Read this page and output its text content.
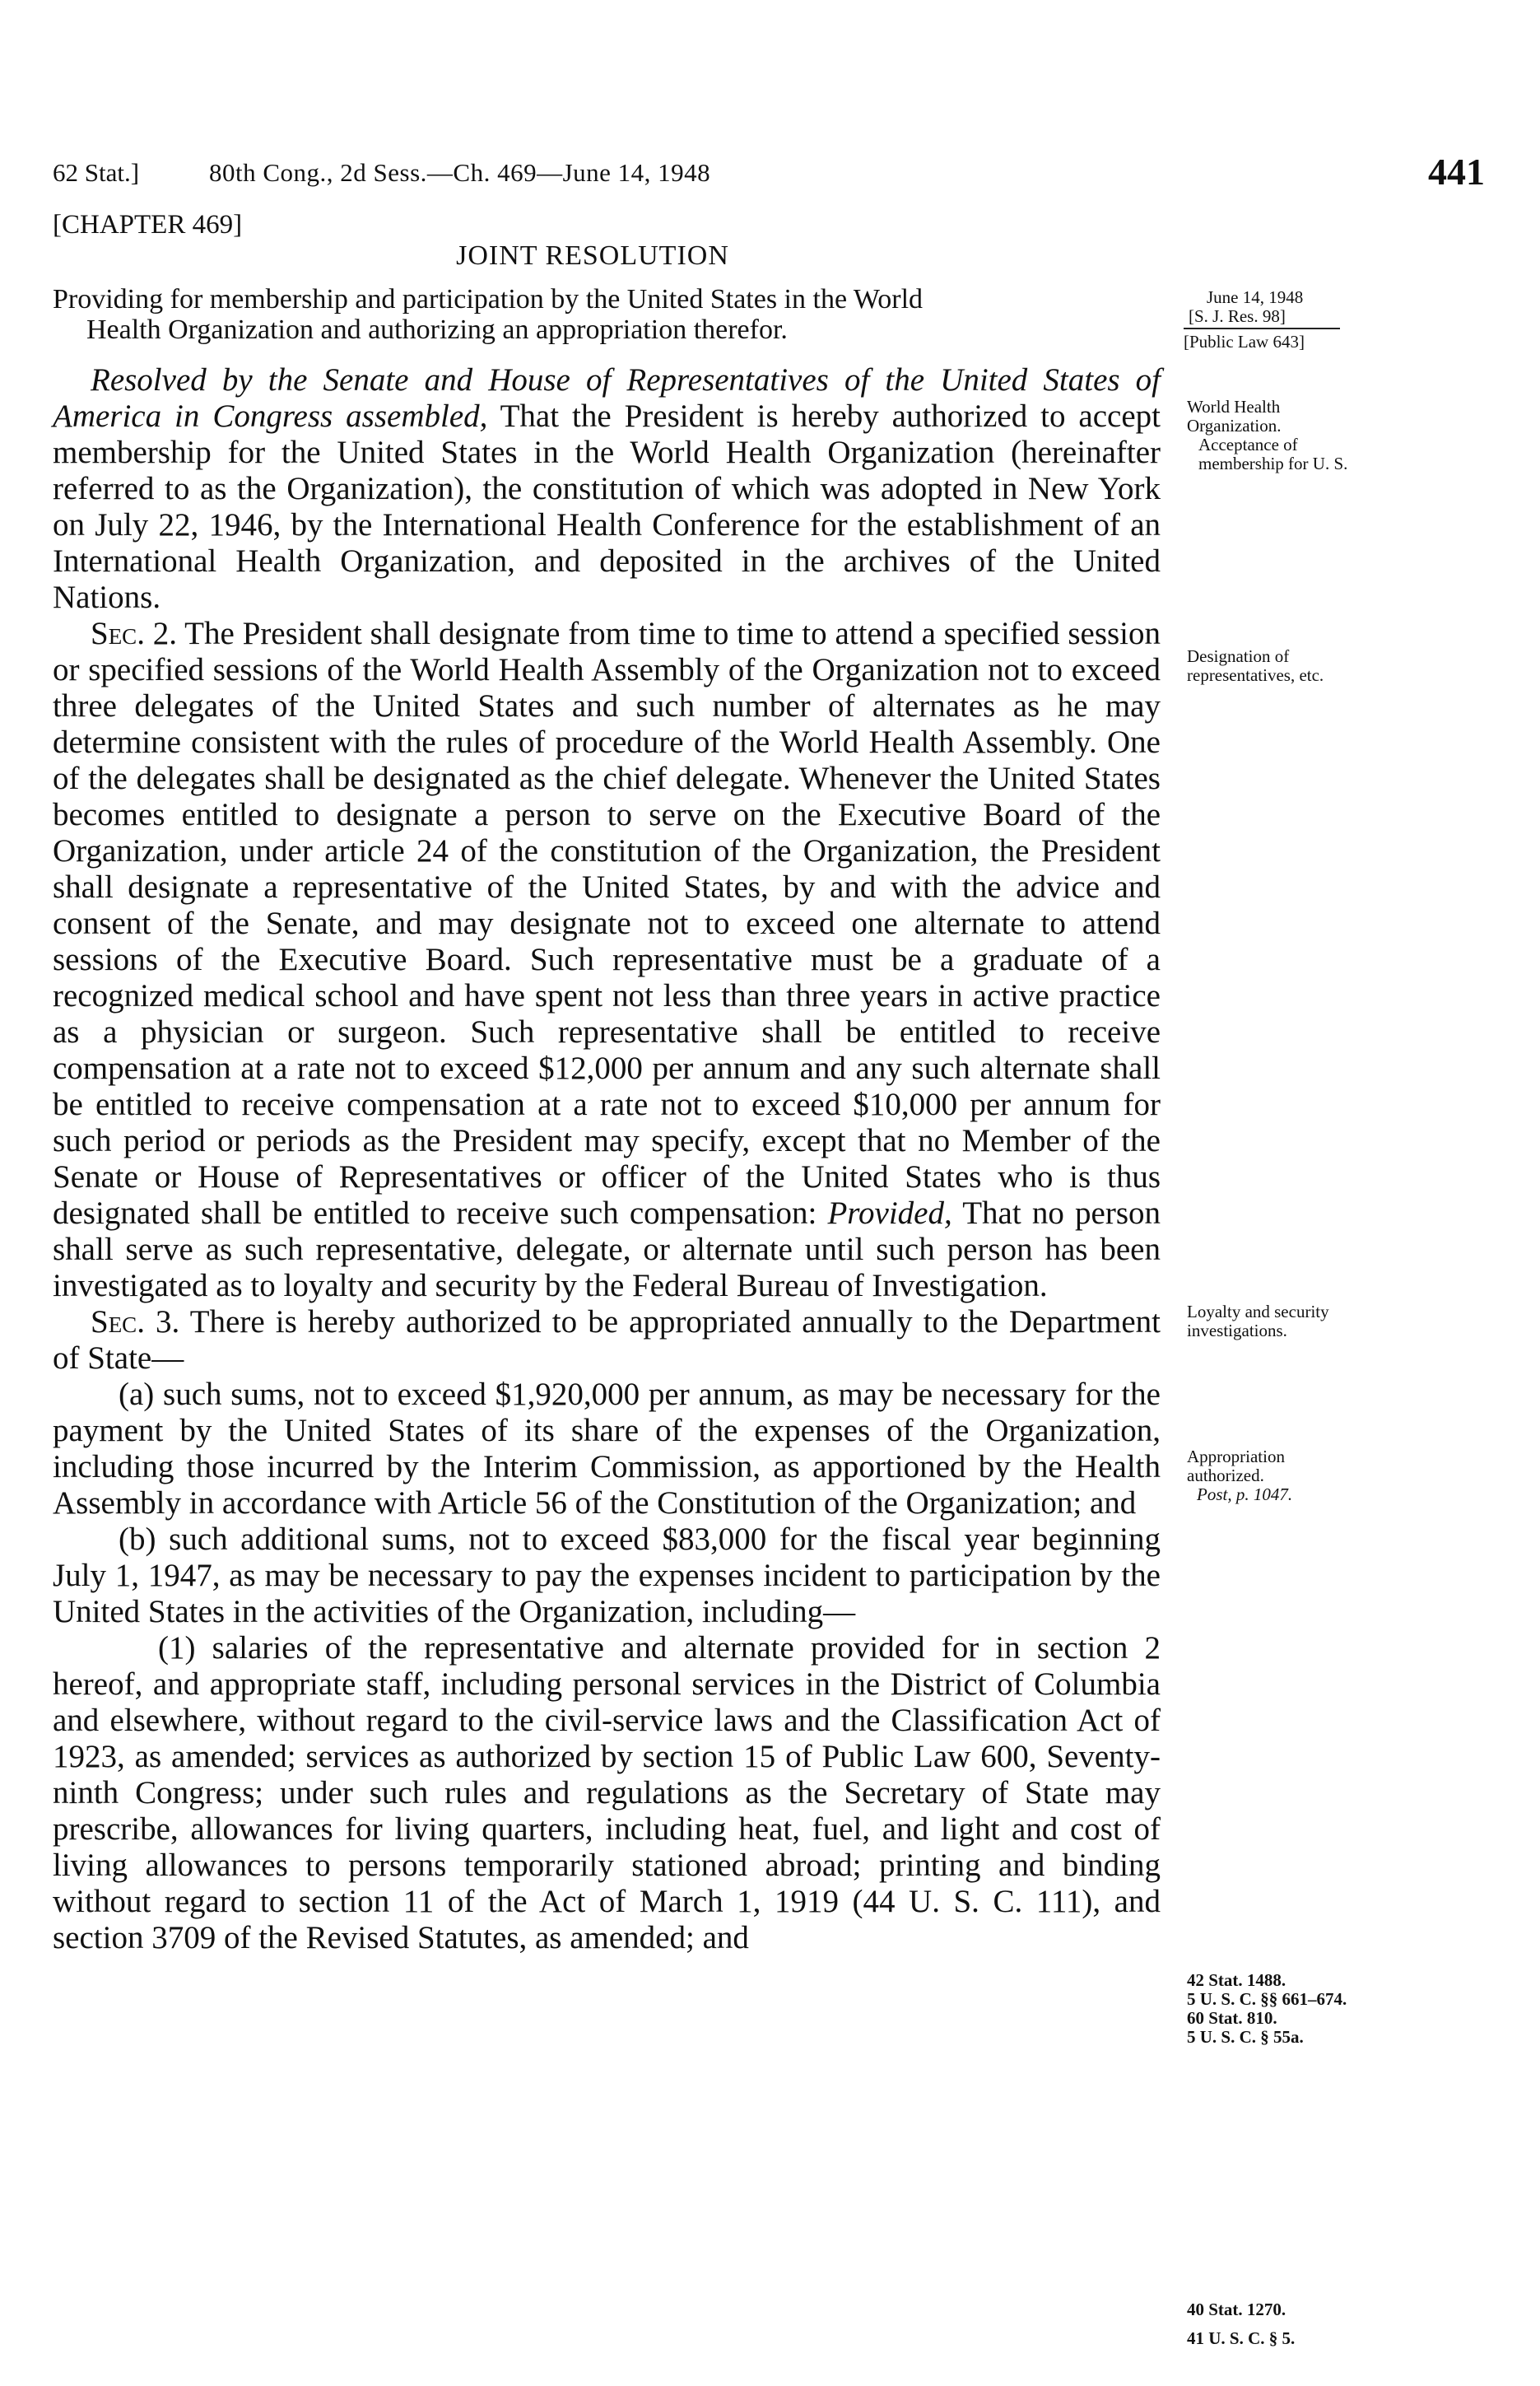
62 Stat.]	80th Cong., 2d Sess.—Ch. 469—June 14, 1948	441
[CHAPTER 469]
JOINT RESOLUTION
Providing for membership and participation by the United States in the World
Health Organization and authorizing an appropriation therefor.
June 14, 1948
[S. J. Res. 98]
[Public Law 643]
World Health Organization.
Acceptance of membership for U. S.
Designation of representatives, etc.
Loyalty and security investigations.
Appropriation authorized.
Post, p. 1047.
42 Stat. 1488.
5 U. S. C. §§ 661–674.
60 Stat. 810.
5 U. S. C. § 55a.
40 Stat. 1270.
41 U. S. C. § 5.

Resolved by the Senate and House of Representatives of the United States of America in Congress assembled, That the President is hereby authorized to accept membership for the United States in the World Health Organization (hereinafter referred to as the Organization), the constitution of which was adopted in New York on July 22, 1946, by the International Health Conference for the establishment of an International Health Organization, and deposited in the archives of the United Nations.

Sec. 2. The President shall designate from time to time to attend a specified session or specified sessions of the World Health Assembly of the Organization not to exceed three delegates of the United States and such number of alternates as he may determine consistent with the rules of procedure of the World Health Assembly. One of the delegates shall be designated as the chief delegate. Whenever the United States becomes entitled to designate a person to serve on the Executive Board of the Organization, under article 24 of the constitution of the Organization, the President shall designate a representative of the United States, by and with the advice and consent of the Senate, and may designate not to exceed one alternate to attend sessions of the Executive Board. Such representative must be a graduate of a recognized medical school and have spent not less than three years in active practice as a physician or surgeon. Such representative shall be entitled to receive compensation at a rate not to exceed $12,000 per annum and any such alternate shall be entitled to receive compensation at a rate not to exceed $10,000 per annum for such period or periods as the President may specify, except that no Member of the Senate or House of Representatives or officer of the United States who is thus designated shall be entitled to receive such compensation: Provided, That no person shall serve as such representative, delegate, or alternate until such person has been investigated as to loyalty and security by the Federal Bureau of Investigation.

Sec. 3. There is hereby authorized to be appropriated annually to the Department of State—

(a) such sums, not to exceed $1,920,000 per annum, as may be necessary for the payment by the United States of its share of the expenses of the Organization, including those incurred by the Interim Commission, as apportioned by the Health Assembly in accordance with Article 56 of the Constitution of the Organization; and

(b) such additional sums, not to exceed $83,000 for the fiscal year beginning July 1, 1947, as may be necessary to pay the expenses incident to participation by the United States in the activities of the Organization, including—

(1) salaries of the representative and alternate provided for in section 2 hereof, and appropriate staff, including personal services in the District of Columbia and elsewhere, without regard to the civil-service laws and the Classification Act of 1923, as amended; services as authorized by section 15 of Public Law 600, Seventy-ninth Congress; under such rules and regulations as the Secretary of State may prescribe, allowances for living quarters, including heat, fuel, and light and cost of living allowances to persons temporarily stationed abroad; printing and binding without regard to section 11 of the Act of March 1, 1919 (44 U. S. C. 111), and section 3709 of the Revised Statutes, as amended; and
